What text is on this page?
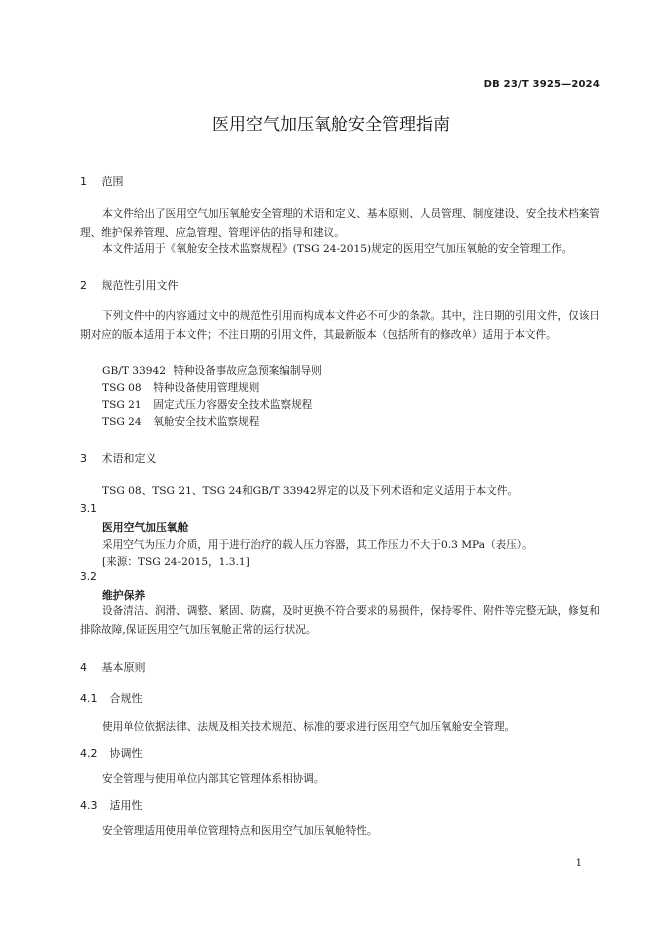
DB 23/T 3925—2024
医用空气加压氧舱安全管理指南
1 范围
本文件给出了医用空气加压氧舱安全管理的术语和定义、基本原则、人员管理、制度建设、安全技术档案管理、维护保养管理、应急管理、管理评估的指导和建议。
本文件适用于《氧舱安全技术监察规程》(TSG 24-2015)规定的医用空气加压氧舱的安全管理工作。
2 规范性引用文件
下列文件中的内容通过文中的规范性引用而构成本文件必不可少的条款。其中，注日期的引用文件，仅该日期对应的版本适用于本文件；不注日期的引用文件，其最新版本（包括所有的修改单）适用于本文件。
GB/T 33942 特种设备事故应急预案编制导则
TSG 08 特种设备使用管理规则
TSG 21 固定式压力容器安全技术监察规程
TSG 24 氧舱安全技术监察规程
3 术语和定义
TSG 08、TSG 21、TSG 24和GB/T 33942界定的以及下列术语和定义适用于本文件。
3.1
医用空气加压氧舱
采用空气为压力介质，用于进行治疗的载人压力容器，其工作压力不大于0.3 MPa（表压）。
[来源：TSG 24-2015，1.3.1]
3.2
维护保养
设备清洁、润滑、调整、紧固、防腐，及时更换不符合要求的易损件，保持零件、附件等完整无缺，修复和排除故障,保证医用空气加压氧舱正常的运行状况。
4 基本原则
4.1 合规性
使用单位依据法律、法规及相关技术规范、标准的要求进行医用空气加压氧舱安全管理。
4.2 协调性
安全管理与使用单位内部其它管理体系相协调。
4.3 适用性
安全管理适用使用单位管理特点和医用空气加压氧舱特性。
1
